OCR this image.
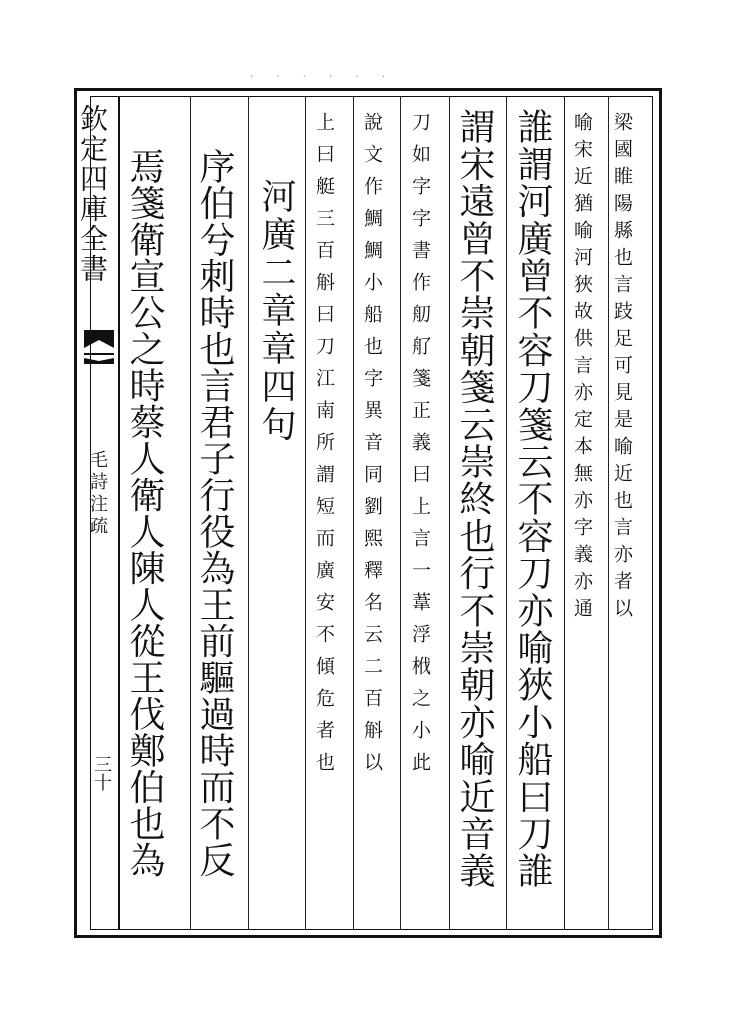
· · · · · ·
欽定四庫全書
毛詩注疏
三十
梁國睢陽縣也言跂足可見是喻近也言亦者以
喻宋近猶喻河狹故供言亦定本無亦字義亦通
誰謂河廣曾不容刀箋云不容刀亦喻狹小船曰刀誰
謂宋遠曾不崇朝箋云崇終也行不崇朝亦喻近音義
刀如字字書作舠䑠箋正義曰上言一葦浮栰之小此
說文作鯛鯛小船也字異音同劉熙釋名云二百斛以
上曰艇三百斛曰刀江南所謂短而廣安不傾危者也
河廣二章章四句
序伯兮刺時也言君子行役為王前驅過時而不反
焉箋衛宣公之時蔡人衛人陳人從王伐鄭伯也為
